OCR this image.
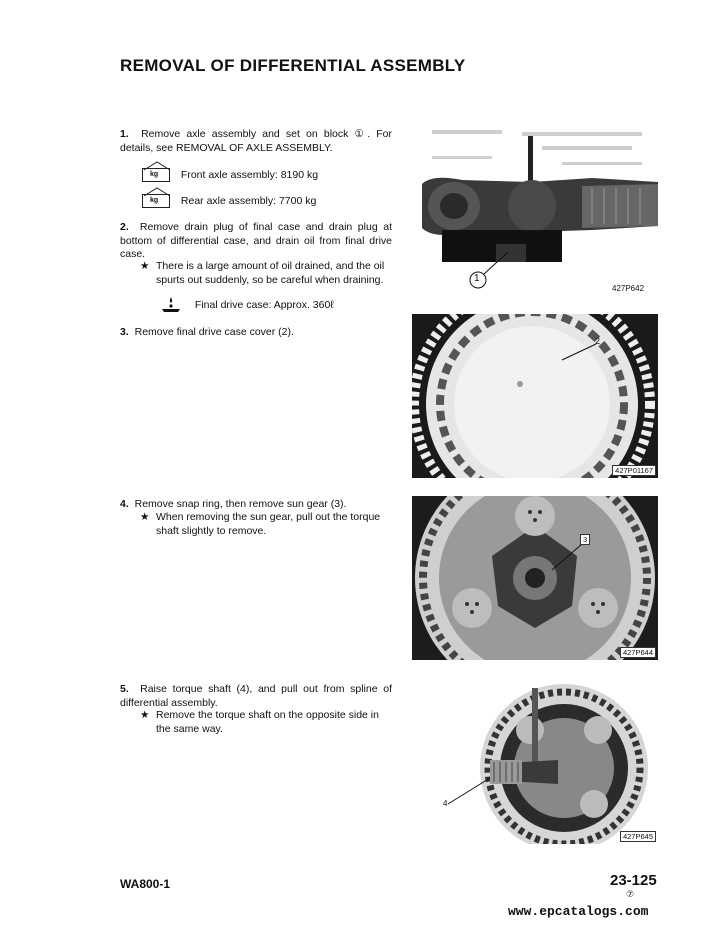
REMOVAL OF DIFFERENTIAL ASSEMBLY
1. Remove axle assembly and set on block ①. For details, see REMOVAL OF AXLE ASSEMBLY.
kg Front axle assembly: 8190 kg
kg Rear axle assembly: 7700 kg
2. Remove drain plug of final case and drain plug at bottom of differential case, and drain oil from final drive case.
★ There is a large amount of oil drained, and the oil spurts out suddenly, so be careful when draining.
Final drive case: Approx. 360ℓ
3. Remove final drive case cover (2).
4. Remove snap ring, then remove sun gear (3).
★ When removing the sun gear, pull out the torque shaft slightly to remove.
5. Raise torque shaft (4), and pull out from spline of differential assembly.
★ Remove the torque shaft on the opposite side in the same way.
1
427P642
2
427P01167
3
427P644
4
427P645
WA800-1	23-125
⑦
www.epcatalogs.com
